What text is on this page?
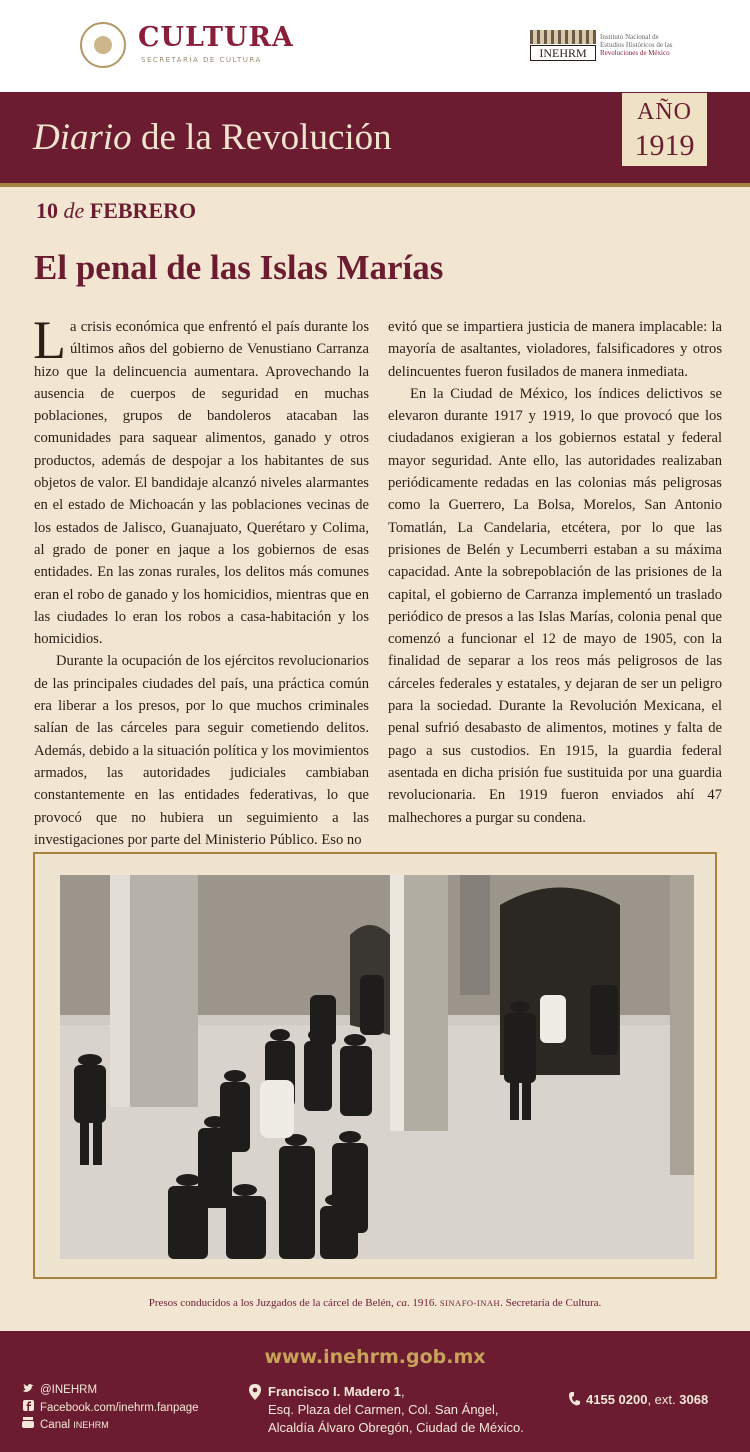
CULTURA
SECRETARÍA DE CULTURA	INEHRM
Instituto Nacional de
Estudios Históricos de las
Revoluciones de México
Diario de la Revolución
AÑO
1919
10 de FEBRERO
El penal de las Islas Marías

La crisis económica que enfrentó el país durante los últimos años del gobierno de Venustiano Carranza hizo que la delincuencia aumentara. Aprovechando la ausencia de cuerpos de seguridad en muchas poblaciones, grupos de bandoleros atacaban las comunidades para saquear alimentos, ganado y otros productos, además de despojar a los habitantes de sus objetos de valor. El bandidaje alcanzó niveles alarmantes en el estado de Michoacán y las poblaciones vecinas de los estados de Jalisco, Guanajuato, Querétaro y Colima, al grado de poner en jaque a los gobiernos de esas entidades. En las zonas rurales, los delitos más comunes eran el robo de ganado y los homicidios, mientras que en las ciudades lo eran los robos a casa-habitación y los homicidios.

Durante la ocupación de los ejércitos revolucionarios de las principales ciudades del país, una práctica común era liberar a los presos, por lo que muchos criminales salían de las cárceles para seguir cometiendo delitos. Además, debido a la situación política y los movimientos armados, las autoridades judiciales cambiaban constantemente en las entidades federativas, lo que provocó que no hubiera un seguimiento a las investigaciones por parte del Ministerio Público. Eso no

evitó que se impartiera justicia de manera implacable: la mayoría de asaltantes, violadores, falsificadores y otros delincuentes fueron fusilados de manera inmediata.

En la Ciudad de México, los índices delictivos se elevaron durante 1917 y 1919, lo que provocó que los ciudadanos exigieran a los gobiernos estatal y federal mayor seguridad. Ante ello, las autoridades realizaban periódicamente redadas en las colonias más peligrosas como la Guerrero, La Bolsa, Morelos, San Antonio Tomatlán, La Candelaria, etcétera, por lo que las prisiones de Belén y Lecumberri estaban a su máxima capacidad. Ante la sobrepoblación de las prisiones de la capital, el gobierno de Carranza implementó un traslado periódico de presos a las Islas Marías, colonia penal que comenzó a funcionar el 12 de mayo de 1905, con la finalidad de separar a los reos más peligrosos de las cárceles federales y estatales, y dejaran de ser un peligro para la sociedad. Durante la Revolución Mexicana, el penal sufrió desabasto de alimentos, motines y falta de pago a sus custodios. En 1915, la guardia federal asentada en dicha prisión fue sustituida por una guardia revolucionaria. En 1919 fueron enviados ahí 47 malhechores a purgar su condena.

Presos conducidos a los Juzgados de la cárcel de Belén, ca. 1916. SINAFO-INAH. Secretaría de Cultura.
www.inehrm.gob.mx
@INEHRM
Facebook.com/inehrm.fanpage
Canal INEHRM
Francisco I. Madero 1,
Esq. Plaza del Carmen, Col. San Ángel,
Alcaldía Álvaro Obregón, Ciudad de México.
4155 0200, ext. 3068
